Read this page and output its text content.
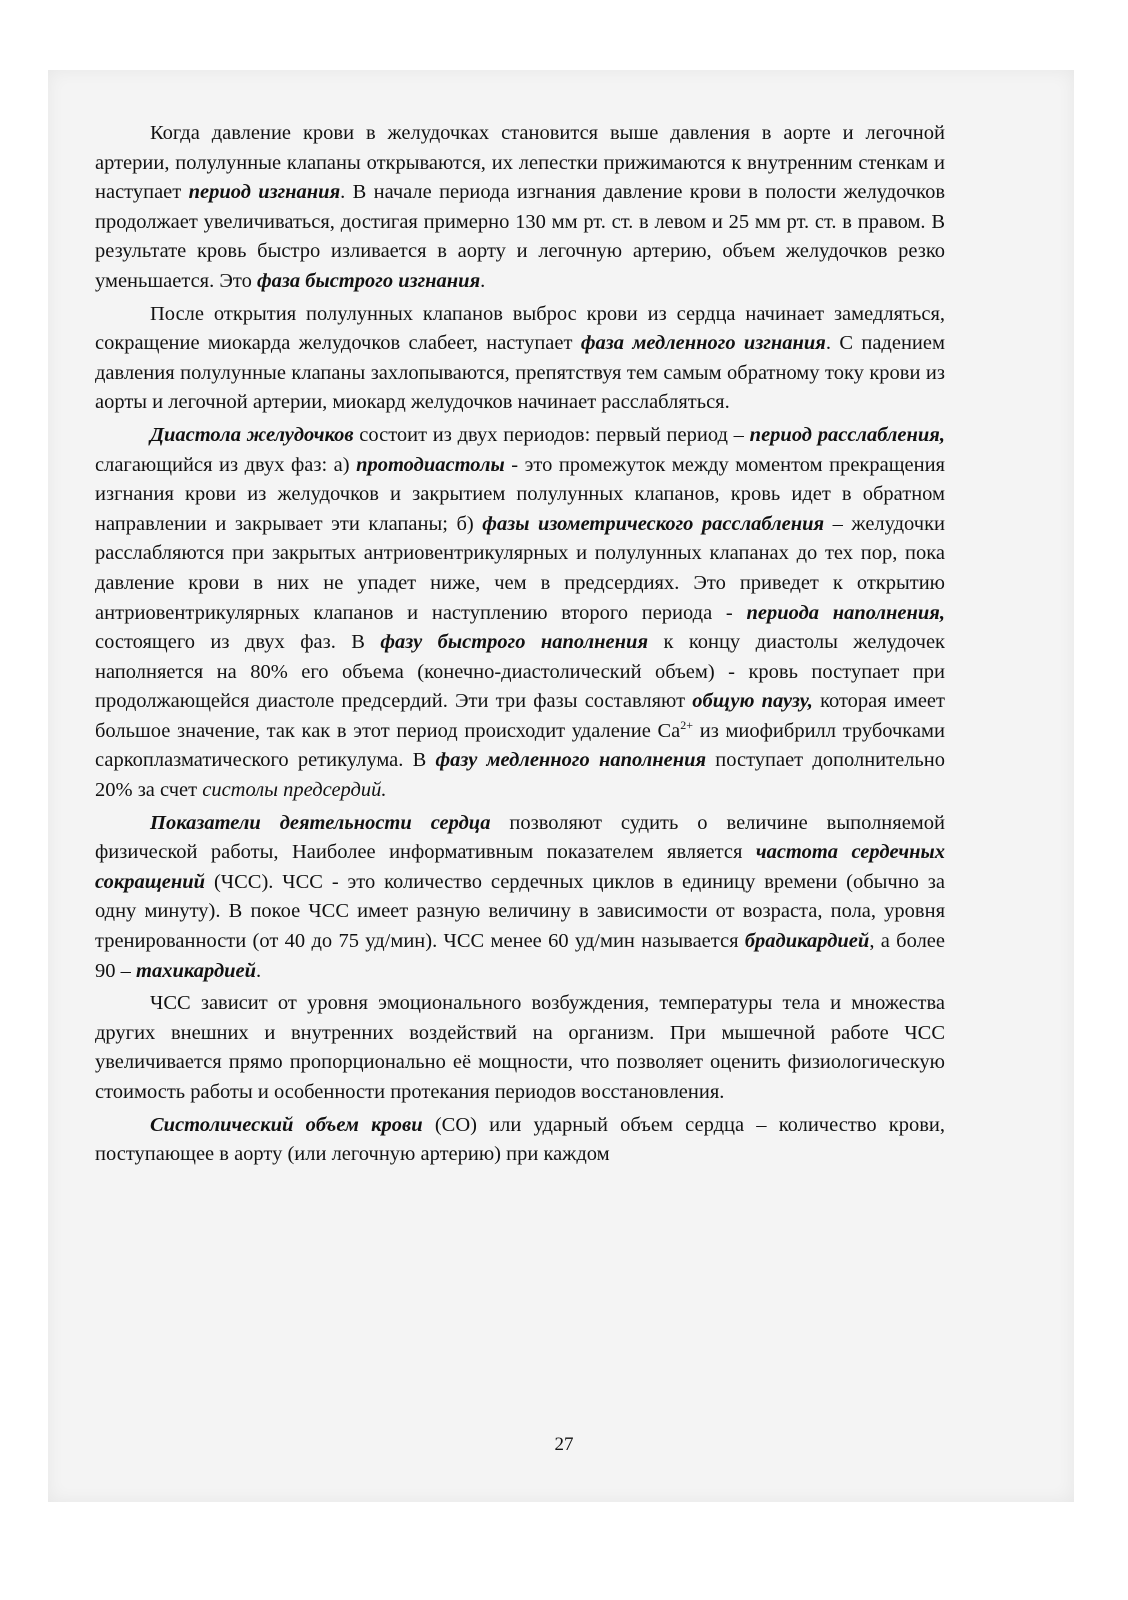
Когда давление крови в желудочках становится выше давления в аорте и легочной артерии, полулунные клапаны открываются, их лепестки прижимаются к внутренним стенкам и наступает период изгнания. В начале периода изгнания давление крови в полости желудочков продолжает увеличиваться, достигая примерно 130 мм рт. ст. в левом и 25 мм рт. ст. в правом. В результате кровь быстро изливается в аорту и легочную артерию, объем желудочков резко уменьшается. Это фаза быстрого изгнания.

После открытия полулунных клапанов выброс крови из сердца начинает замедляться, сокращение миокарда желудочков слабеет, наступает фаза медленного изгнания. С падением давления полулунные клапаны захлопываются, препятствуя тем самым обратному току крови из аорты и легочной артерии, миокард желудочков начинает расслабляться.

Диастола желудочков состоит из двух периодов: первый период – период расслабления, слагающийся из двух фаз: а) протодиастолы - это промежуток между моментом прекращения изгнания крови из желудочков и закрытием полулунных клапанов, кровь идет в обратном направлении и закрывает эти клапаны; б) фазы изометрического расслабления – желудочки расслабляются при закрытых антриовентрикулярных и полулунных клапанах до тех пор, пока давление крови в них не упадет ниже, чем в предсердиях. Это приведет к открытию антриовентрикулярных клапанов и наступлению второго периода - периода наполнения, состоящего из двух фаз. В фазу быстрого наполнения к концу диастолы желудочек наполняется на 80% его объема (конечно-диастолический объем) - кровь поступает при продолжающейся диастоле предсердий. Эти три фазы составляют общую паузу, которая имеет большое значение, так как в этот период происходит удаление $Ca^{2+}$ из миофибрилл трубочками саркоплазматического ретикулума. В фазу медленного наполнения поступает дополнительно 20% за счет систолы предсердий.

Показатели деятельности сердца позволяют судить о величине выполняемой физической работы, Наиболее информативным показателем является частота сердечных сокращений (ЧСС). ЧСС - это количество сердечных циклов в единицу времени (обычно за одну минуту). В покое ЧСС имеет разную величину в зависимости от возраста, пола, уровня тренированности (от 40 до 75 уд/мин). ЧСС менее 60 уд/мин называется брадикардией, а более 90 – тахикардией.

ЧСС зависит от уровня эмоционального возбуждения, температуры тела и множества других внешних и внутренних воздействий на организм. При мышечной работе ЧСС увеличивается прямо пропорционально её мощности, что позволяет оценить физиологическую стоимость работы и особенности протекания периодов восстановления.

Систолический объем крови (СО) или ударный объем сердца – количество крови, поступающее в аорту (или легочную артерию) при каждом

27
